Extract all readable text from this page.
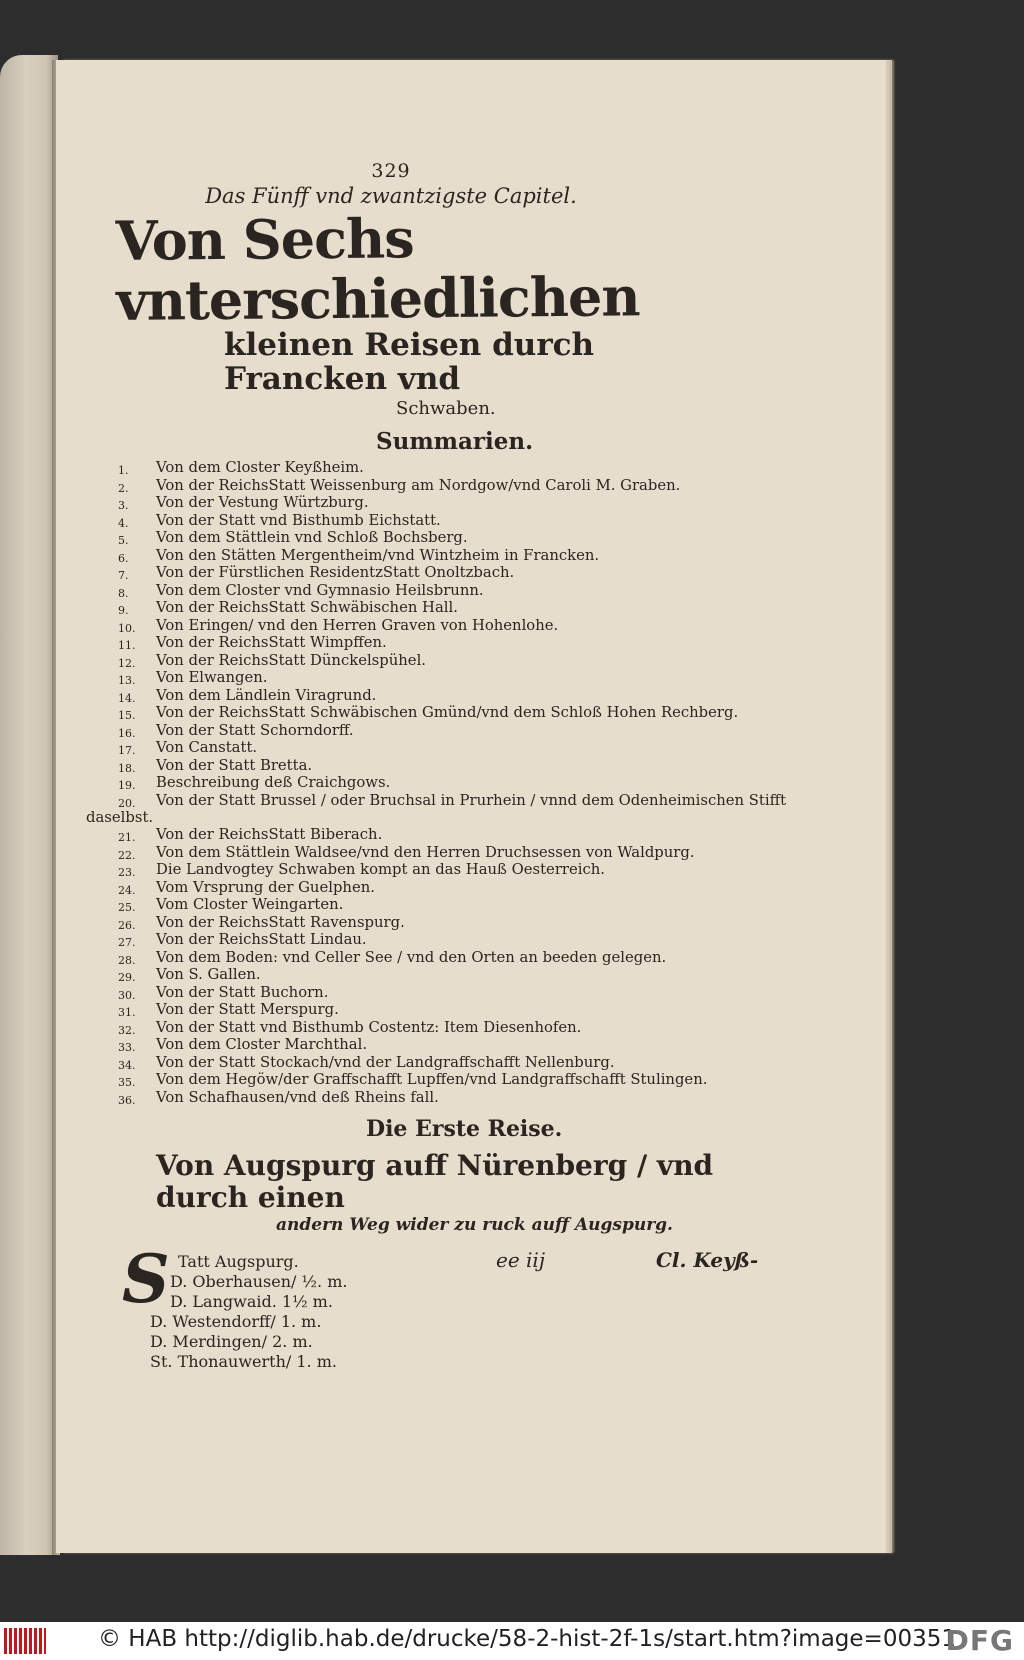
329
Das Fünff vnd zwantzigste Capitel.
Von Sechs vnterschiedlichen
kleinen Reisen durch Francken vnd
Schwaben.
Summarien.
1.	Von dem Closter Keyßheim.
2.	Von der ReichsStatt Weissenburg am Nordgow/vnd Caroli M. Graben.
3.	Von der Vestung Würtzburg.
4.	Von der Statt vnd Bisthumb Eichstatt.
5.	Von dem Stättlein vnd Schloß Bochsberg.
6.	Von den Stätten Mergentheim/vnd Wintzheim in Francken.
7.	Von der Fürstlichen ResidentzStatt Onoltzbach.
8.	Von dem Closter vnd Gymnasio Heilsbrunn.
9.	Von der ReichsStatt Schwäbischen Hall.
10.	Von Eringen/ vnd den Herren Graven von Hohenlohe.
11.	Von der ReichsStatt Wimpffen.
12.	Von der ReichsStatt Dünckelspühel.
13.	Von Elwangen.
14.	Von dem Ländlein Viragrund.
15.	Von der ReichsStatt Schwäbischen Gmünd/vnd dem Schloß Hohen Rechberg.
16.	Von der Statt Schorndorff.
17.	Von Canstatt.
18.	Von der Statt Bretta.
19.	Beschreibung deß Craichgows.
20.	Von der Statt Brussel / oder Bruchsal in Prurhein / vnnd dem Odenheimischen Stifft
daselbst.
21.	Von der ReichsStatt Biberach.
22.	Von dem Stättlein Waldsee/vnd den Herren Druchsessen von Waldpurg.
23.	Die Landvogtey Schwaben kompt an das Hauß Oesterreich.
24.	Vom Vrsprung der Guelphen.
25.	Vom Closter Weingarten.
26.	Von der ReichsStatt Ravenspurg.
27.	Von der ReichsStatt Lindau.
28.	Von dem Boden: vnd Celler See / vnd den Orten an beeden gelegen.
29.	Von S. Gallen.
30.	Von der Statt Buchorn.
31.	Von der Statt Merspurg.
32.	Von der Statt vnd Bisthumb Costentz: Item Diesenhofen.
33.	Von dem Closter Marchthal.
34.	Von der Statt Stockach/vnd der Landgraffschafft Nellenburg.
35.	Von dem Hegöw/der Graffschafft Lupffen/vnd Landgraffschafft Stulingen.
36.	Von Schafhausen/vnd deß Rheins fall.
Die Erste Reise.
Von Augspurg auff Nürenberg / vnd durch einen
andern Weg wider zu ruck auff Augspurg.
S Tatt Augspurg.
D. Oberhausen/ ½. m.
D. Langwaid. 1½ m.
D. Westendorff/ 1. m.
D. Merdingen/ 2. m.
St. Thonauwerth/ 1. m.
ee iij	Cl. Keyß-
© HAB http://diglib.hab.de/drucke/58-2-hist-2f-1s/start.htm?image=00351
DFG
